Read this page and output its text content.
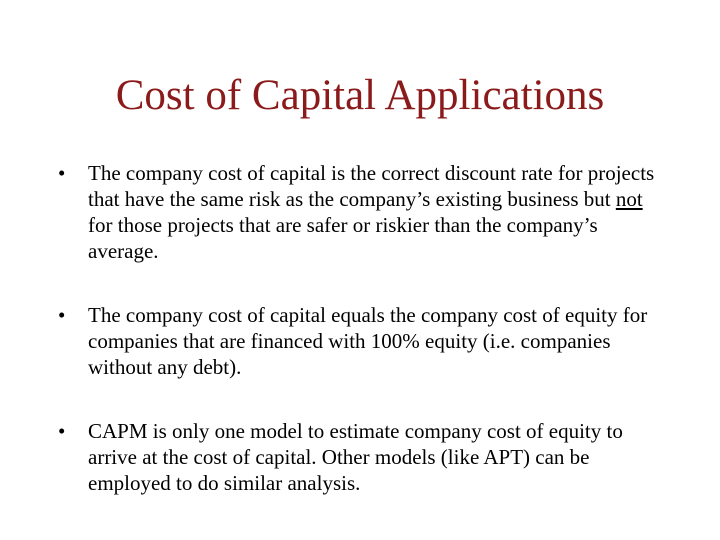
Cost of Capital Applications
•	The company cost of capital is the correct discount rate for projects that have the same risk as the company’s existing business but not for those projects that are safer or riskier than the company’s average.
•	The company cost of capital equals the company cost of equity for companies that are financed with 100% equity (i.e. companies without any debt).
•	CAPM is only one model to estimate company cost of equity to arrive at the cost of capital. Other models (like APT) can be employed to do similar analysis.
